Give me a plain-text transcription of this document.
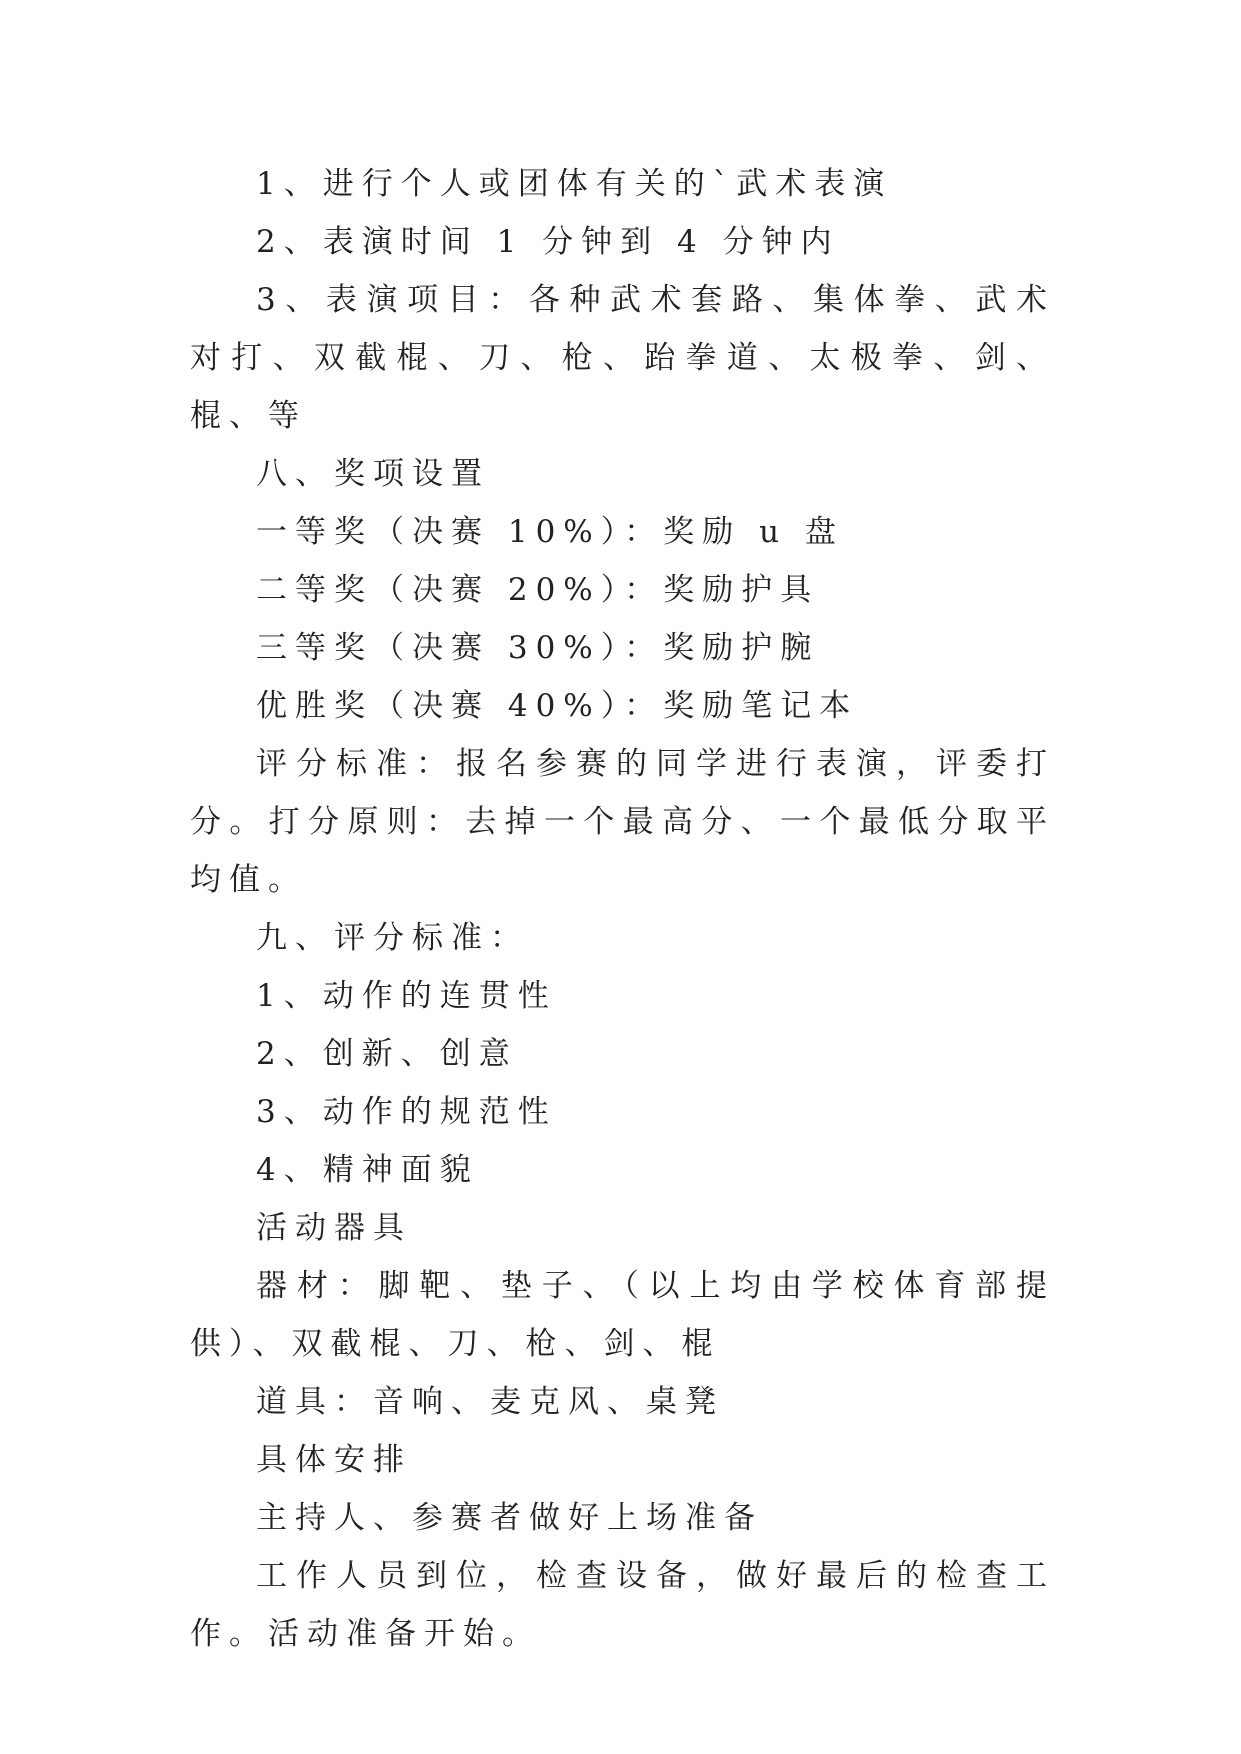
1、进行个人或团体有关的`武术表演

2、表演时间 1 分钟到 4 分钟内

3、表演项目：各种武术套路、集体拳、武术对打、双截棍、刀、枪、跆拳道、太极拳、剑、棍、等

八、奖项设置

一等奖（决赛 10%）：奖励 u 盘

二等奖（决赛 20%）：奖励护具

三等奖（决赛 30%）：奖励护腕

优胜奖（决赛 40%）：奖励笔记本

评分标准：报名参赛的同学进行表演，评委打分。打分原则：去掉一个最高分、一个最低分取平均值。

九、评分标准：

1、动作的连贯性

2、创新、创意

3、动作的规范性

4、精神面貌

活动器具

器材：脚靶、垫子、（以上均由学校体育部提供）、双截棍、刀、枪、剑、棍

道具：音响、麦克风、桌凳

具体安排

主持人、参赛者做好上场准备

工作人员到位，检查设备，做好最后的检查工作。活动准备开始。
